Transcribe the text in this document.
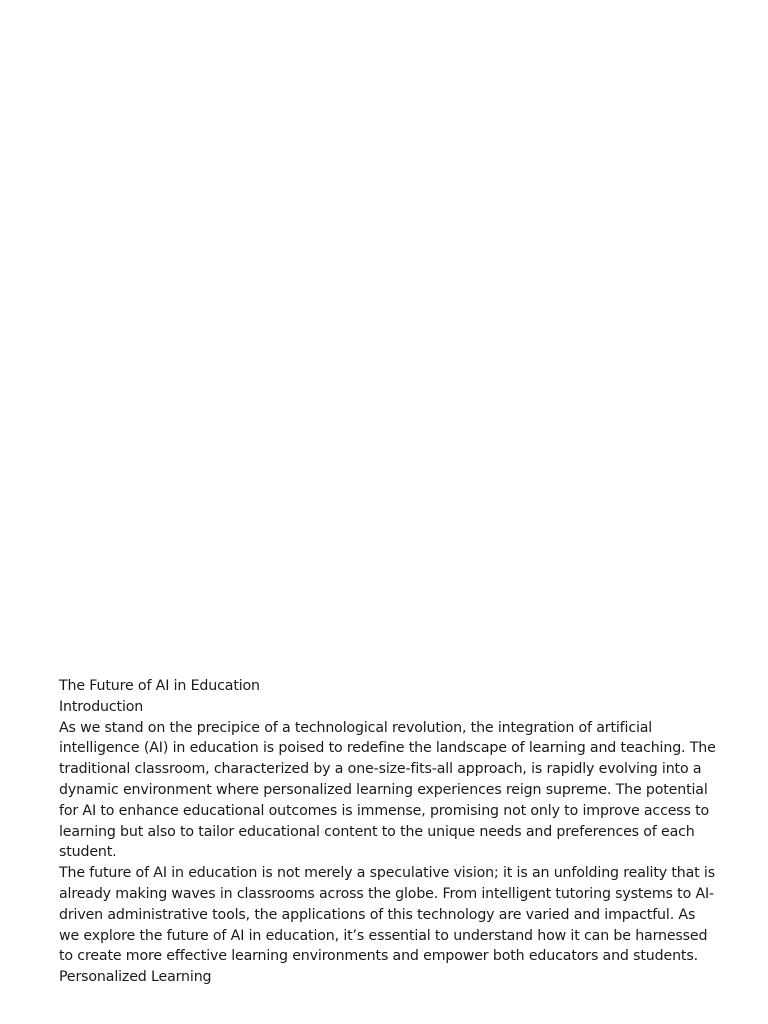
The Future of AI in Education

Introduction

As we stand on the precipice of a technological revolution, the integration of artificial intelligence (AI) in education is poised to redefine the landscape of learning and teaching. The traditional classroom, characterized by a one-size-fits-all approach, is rapidly evolving into a dynamic environment where personalized learning experiences reign supreme. The potential for AI to enhance educational outcomes is immense, promising not only to improve access to learning but also to tailor educational content to the unique needs and preferences of each student.

The future of AI in education is not merely a speculative vision; it is an unfolding reality that is already making waves in classrooms across the globe. From intelligent tutoring systems to AI-driven administrative tools, the applications of this technology are varied and impactful. As we explore the future of AI in education, it’s essential to understand how it can be harnessed to create more effective learning environments and empower both educators and students.

Personalized Learning
